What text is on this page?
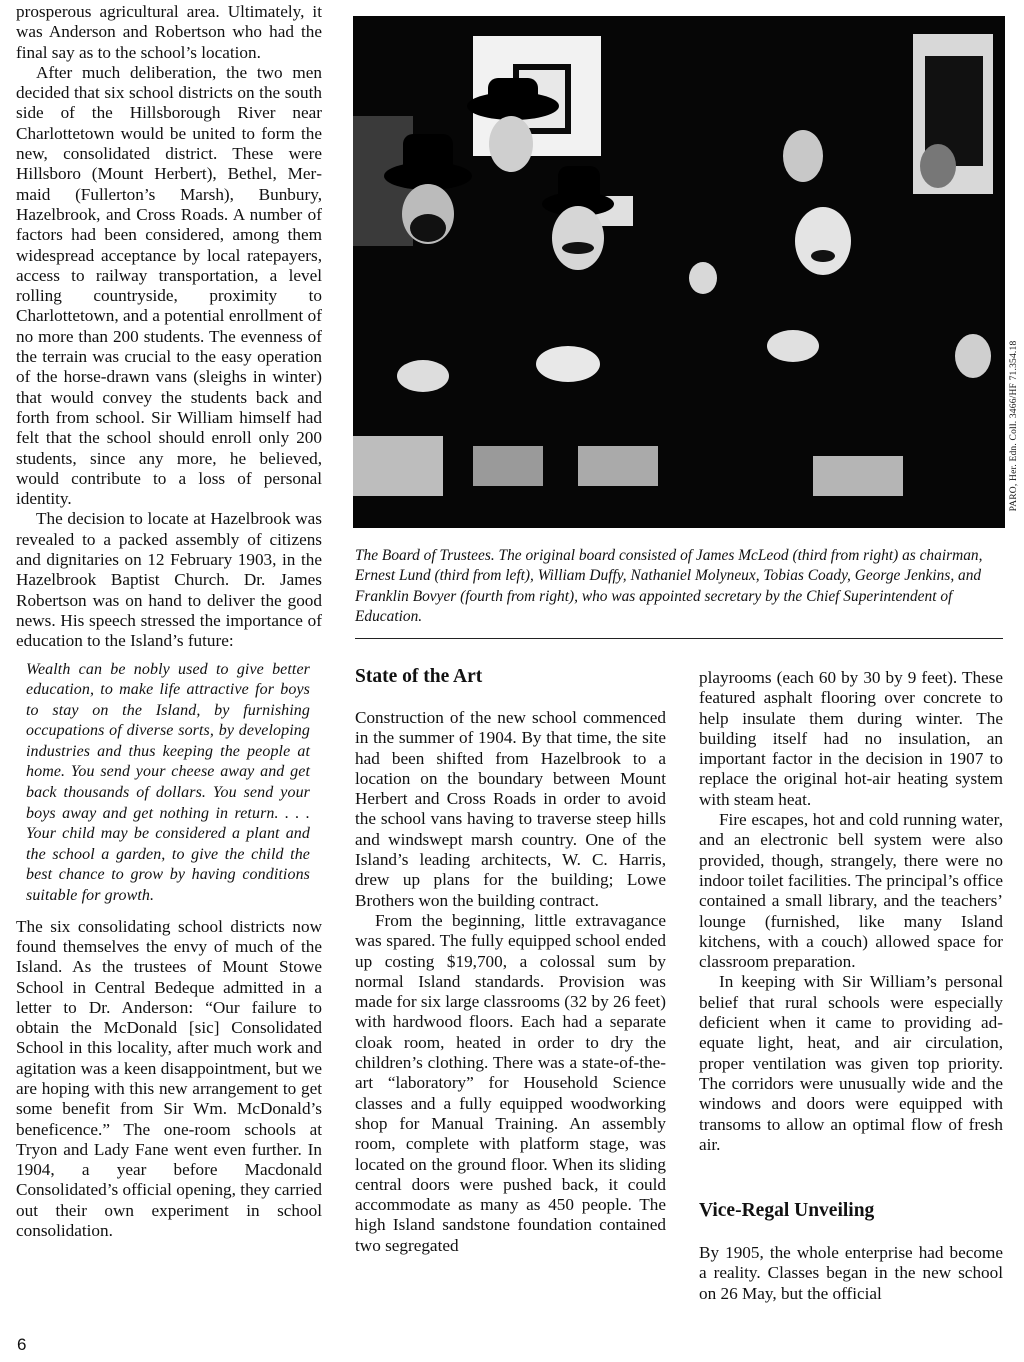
prosperous agricultural area. Ultimately, it was Anderson and Robertson who had the final say as to the school’s location.

After much deliberation, the two men decided that six school districts on the south side of the Hillsborough River near Charlottetown would be united to form the new, consolidated district. These were Hillsboro (Mount Herbert), Bethel, Mermaid (Fullerton’s Marsh), Bunbury, Hazelbrook, and Cross Roads. A number of factors had been considered, among them widespread acceptance by local ratepayers, access to railway transportation, a level rolling countryside, proximity to Charlottetown, and a potential enrollment of no more than 200 students. The evenness of the terrain was crucial to the easy operation of the horse-drawn vans (sleighs in winter) that would convey the students back and forth from school. Sir William himself had felt that the school should enroll only 200 students, since any more, he believed, would contribute to a loss of personal identity.

The decision to locate at Hazelbrook was revealed to a packed assembly of citizens and dignitaries on 12 February 1903, in the Hazelbrook Baptist Church. Dr. James Robertson was on hand to deliver the good news. His speech stressed the importance of education to the Island’s future:

Wealth can be nobly used to give better education, to make life attractive for boys to stay on the Island, by furnishing occupations of diverse sorts, by developing industries and thus keeping the people at home. You send your cheese away and get back thousands of dollars. You send your boys away and get nothing in return. . . . Your child may be considered a plant and the school a garden, to give the child the best chance to grow by having conditions suitable for growth.

The six consolidating school districts now found themselves the envy of much of the Island. As the trustees of Mount Stowe School in Central Bedeque admitted in a letter to Dr. Anderson: “Our failure to obtain the McDonald [sic] Consolidated School in this locality, after much work and agitation was a keen disappointment, but we are hoping with this new arrangement to get some benefit from Sir Wm. McDonald’s beneficence.” The one-room schools at Tryon and Lady Fane went even further. In 1904, a year before Macdonald Consolidated’s official opening, they carried out their own experiment in school consolidation.

PARO, Her. Edn. Coll. 3466/HF 71.354.18

The Board of Trustees. The original board consisted of James McLeod (third from right) as chairman, Ernest Lund (third from left), William Duffy, Nathaniel Molyneux, Tobias Coady, George Jenkins, and Franklin Bovyer (fourth from right), who was appointed secretary by the Chief Superintendent of Education.

State of the Art

Construction of the new school commenced in the summer of 1904. By that time, the site had been shifted from Hazelbrook to a location on the boundary between Mount Herbert and Cross Roads in order to avoid the school vans having to traverse steep hills and windswept marsh country. One of the Island’s leading architects, W. C. Harris, drew up plans for the building; Lowe Brothers won the building contract.

From the beginning, little extravagance was spared. The fully equipped school ended up costing $19,700, a colossal sum by normal Island standards. Provision was made for six large classrooms (32 by 26 feet) with hardwood floors. Each had a separate cloak room, heated in order to dry the children’s clothing. There was a state-of-the-art “laboratory” for Household Science classes and a fully equipped woodworking shop for Manual Training. An assembly room, complete with platform stage, was located on the ground floor. When its sliding central doors were pushed back, it could accommodate as many as 450 people. The high Island sandstone foundation contained two segregated

playrooms (each 60 by 30 by 9 feet). These featured asphalt flooring over concrete to help insulate them during winter. The building itself had no insulation, an important factor in the decision in 1907 to replace the original hot-air heating system with steam heat.

Fire escapes, hot and cold running water, and an electronic bell system were also provided, though, strangely, there were no indoor toilet facilities. The principal’s office contained a small library, and the teachers’ lounge (furnished, like many Island kitchens, with a couch) allowed space for classroom preparation.

In keeping with Sir William’s personal belief that rural schools were especially deficient when it came to providing adequate light, heat, and air circulation, proper ventilation was given top priority. The corridors were unusually wide and the windows and doors were equipped with transoms to allow an optimal flow of fresh air.

Vice-Regal Unveiling

By 1905, the whole enterprise had become a reality. Classes began in the new school on 26 May, but the official

6
